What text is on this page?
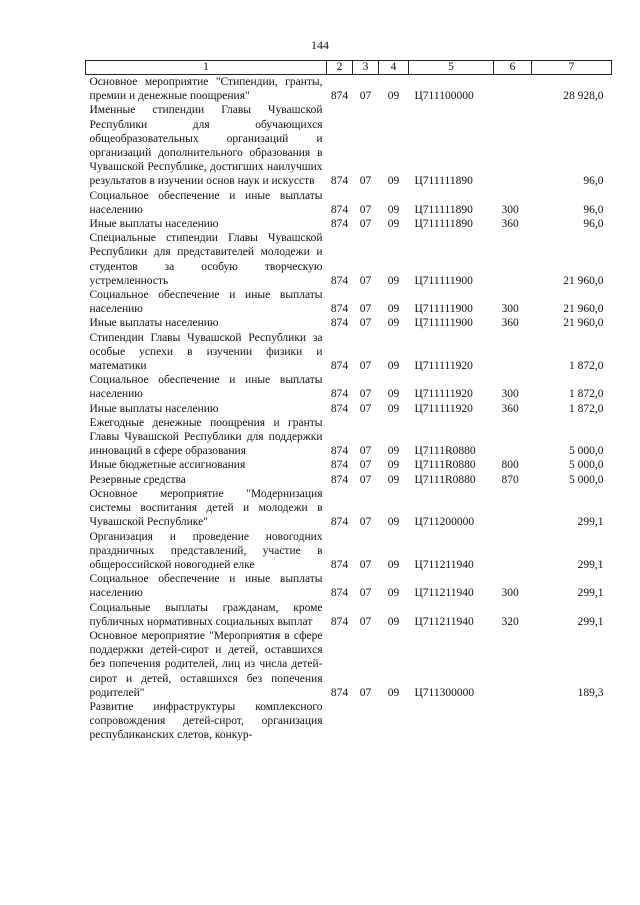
144
1	2	3	4	5	6	7
Основное мероприятие "Стипендии, гранты, премии и денежные поощрения"	874	07	09	Ц711100000		28 928,0
Именные стипендии Главы Чувашской Республики для обучающихся общеобразовательных организаций и организаций дополнительного образования в Чувашской Республике, достигших наилучших результатов в изучении основ наук и искусств	874	07	09	Ц711111890		96,0
Социальное обеспечение и иные выплаты населению	874	07	09	Ц711111890	300	96,0
Иные выплаты населению	874	07	09	Ц711111890	360	96,0
Специальные стипендии Главы Чувашской Республики для представителей молодежи и студентов за особую творческую устремленность	874	07	09	Ц711111900		21 960,0
Социальное обеспечение и иные выплаты населению	874	07	09	Ц711111900	300	21 960,0
Иные выплаты населению	874	07	09	Ц711111900	360	21 960,0
Стипендии Главы Чувашской Республики за особые успехи в изучении физики и математики	874	07	09	Ц711111920		1 872,0
Социальное обеспечение и иные выплаты населению	874	07	09	Ц711111920	300	1 872,0
Иные выплаты населению	874	07	09	Ц711111920	360	1 872,0
Ежегодные денежные поощрения и гранты Главы Чувашской Республики для поддержки инноваций в сфере образования	874	07	09	Ц7111R0880		5 000,0
Иные бюджетные ассигнования	874	07	09	Ц7111R0880	800	5 000,0
Резервные средства	874	07	09	Ц7111R0880	870	5 000,0
Основное мероприятие "Модернизация системы воспитания детей и молодежи в Чувашской Республике"	874	07	09	Ц711200000		299,1
Организация и проведение новогодних праздничных представлений, участие в общероссийской новогодней елке	874	07	09	Ц711211940		299,1
Социальное обеспечение и иные выплаты населению	874	07	09	Ц711211940	300	299,1
Социальные выплаты гражданам, кроме публичных нормативных социальных выплат	874	07	09	Ц711211940	320	299,1
Основное мероприятие "Мероприятия в сфере поддержки детей-сирот и детей, оставшихся без попечения родителей, лиц из числа детей-сирот и детей, оставшихся без попечения родителей"	874	07	09	Ц711300000		189,3
Развитие инфраструктуры комплексного сопровождения детей-сирот, организация республиканских слетов, конкур-						
